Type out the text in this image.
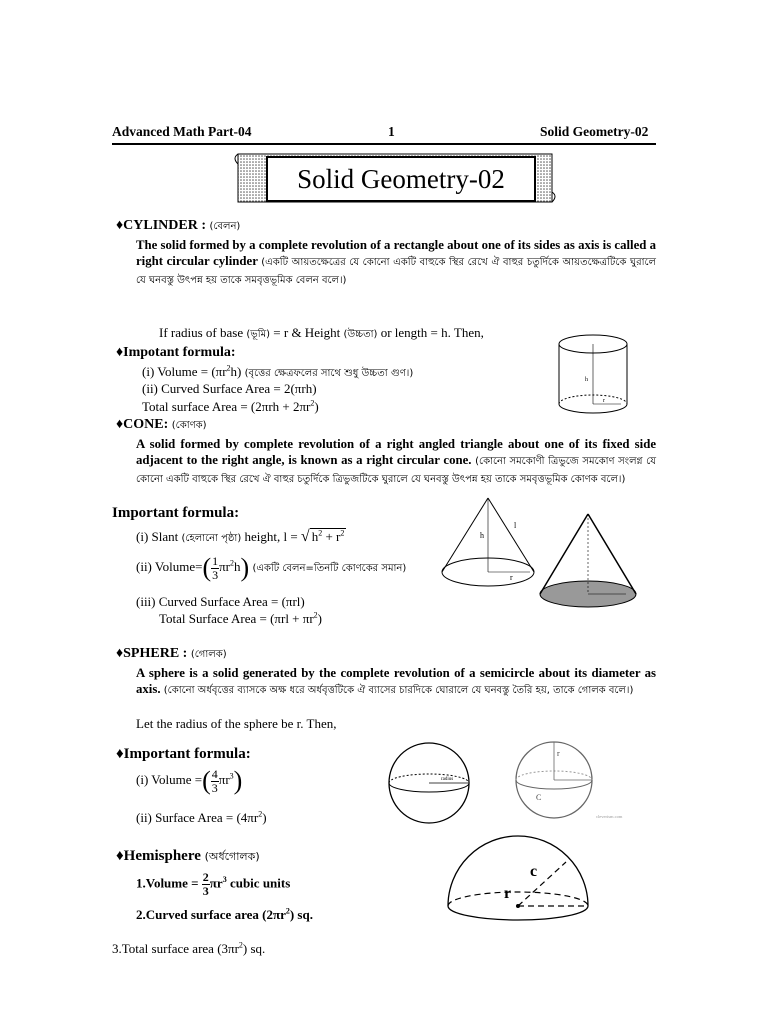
Advanced Math Part-04	1	Solid Geometry-02
Solid Geometry-02
♦CYLINDER : (বেলন)
The solid formed by a complete revolution of a rectangle about one of its sides as axis is called a right circular cylinder (একটি আয়তক্ষেত্রের যে কোনো একটি বাহুকে স্থির রেখে ঐ বাহুর চতুর্দিকে আয়তক্ষেত্রটিকে ঘুরালে যে ঘনবস্তু উৎপন্ন হয় তাকে সমবৃত্তভূমিক বেলন বলে।)
If radius of base (ভূমি) = r & Height (উচ্চতা) or length = h. Then,
♦Impotant formula:
(i) Volume = $(\pi r^2h)$ (বৃত্তের ক্ষেত্রফলের সাথে শুধু উচ্চতা গুণ।)
(ii) Curved Surface Area = 2(πrh)
Total surface Area = $(2\pi rh + 2\pi r^2)$
h
r
♦CONE: (কোণক)
A solid formed by complete revolution of a right angled triangle about one of its fixed side adjacent to the right angle, is known as a right circular cone. (কোনো সমকোণী ত্রিভুজে সমকোণ সংলগ্ন যে কোনো একটি বাহুকে স্থির রেখে ঐ বাহুর চতুর্দিকে ত্রিভুজটিকে ঘুরালে যে ঘনবস্তু উৎপন্ন হয় তাকে সমবৃত্তভূমিক কোণক বলে।)
Important formula:
(i) Slant (হেলানো পৃষ্ঠা) height, l = √ $h^2 + r^2$
(ii) Volume=( $\frac{1}{3} \pi r^2h$) (একটি বেলন=তিনটি কোণকের সমান)
(iii) Curved Surface Area = (πrl)
Total Surface Area = $(\pi rl + \pi r^2)$
h
r
l
♦SPHERE : (গোলক)
A sphere is a solid generated by the complete revolution of a semicircle about its diameter as axis. (কোনো অর্ধবৃত্তের ব্যাসকে অক্ষ ধরে অর্ধবৃত্তটিকে ঐ ব্যাসের চারদিকে ঘোরালে যে ঘনবস্তু তৈরি হয়, তাকে গোলক বলে।)
Let the radius of the sphere be r. Then,
♦Important formula:
(i) Volume =( $\frac{4}{3} \pi r^3$)
(ii) Surface Area = $(4\pi r^2)$
radius
r
C
cleverism.com
♦Hemisphere (অর্ধগোলক)
1.Volume = $\frac{2}{3} \pi r^3$ cubic units
2.Curved surface area $(2\pi r^2)$ sq.
3.Total surface area $(3\pi r^2)$ sq.
r
c
